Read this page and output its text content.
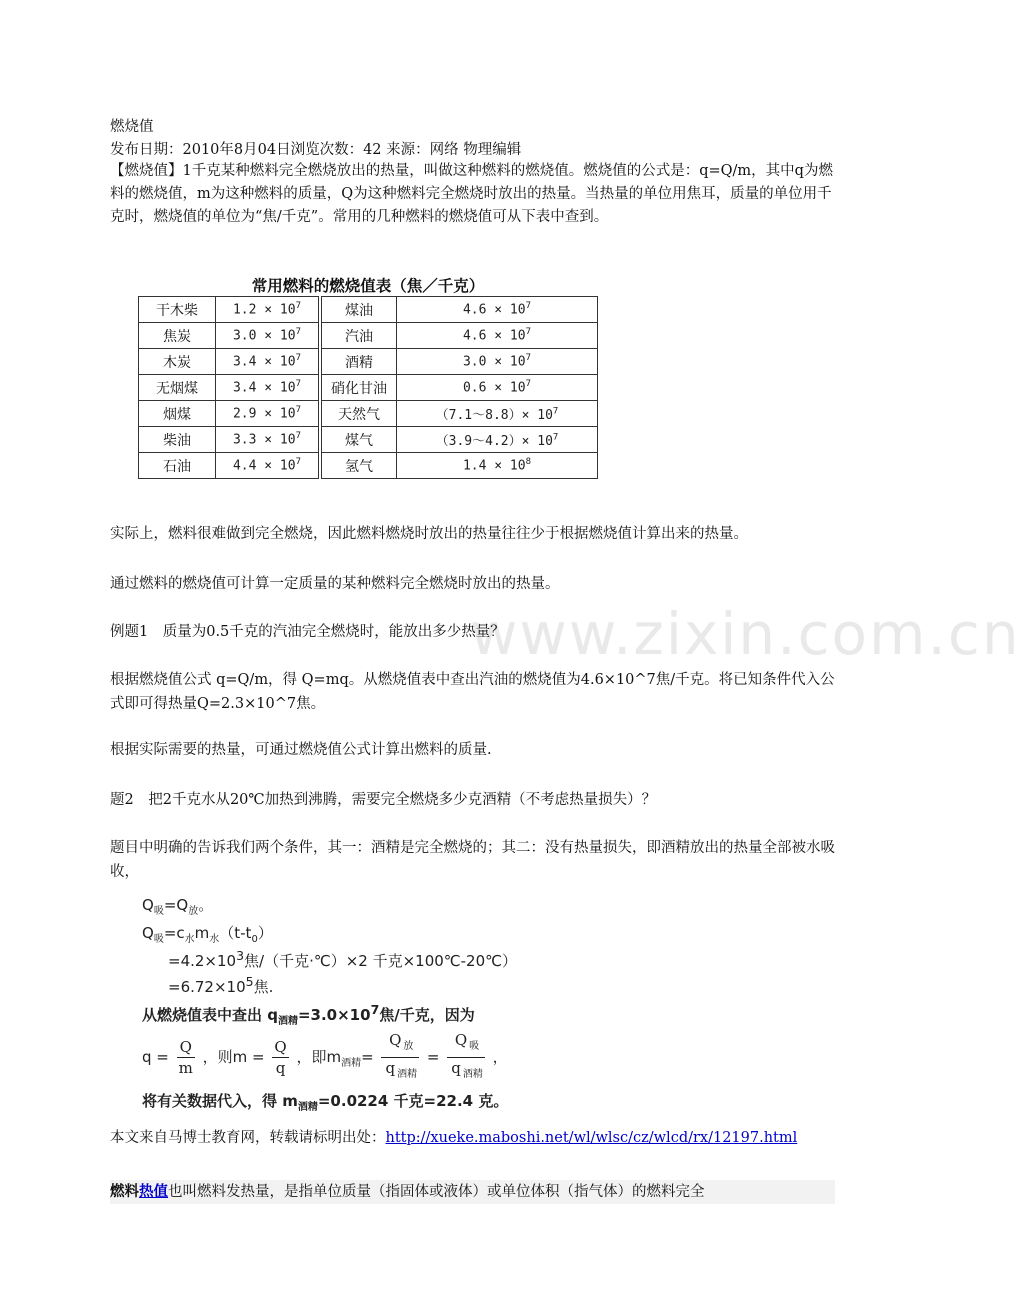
www.zixin.com.cn
燃烧值
发布日期：2010年8月04日浏览次数：42 来源：网络 物理编辑
【燃烧值】1千克某种燃料完全燃烧放出的热量，叫做这种燃料的燃烧值。燃烧值的公式是：q=Q/m，其中q为燃料的燃烧值，m为这种燃料的质量，Q为这种燃料完全燃烧时放出的热量。当热量的单位用焦耳，质量的单位用千克时，燃烧值的单位为“焦/千克”。常用的几种燃料的燃烧值可从下表中查到。
常用燃料的燃烧值表（焦／千克）
干木柴	$1.2 \times 10^7$	煤油	$4.6 \times 10^7$
焦炭	$3.0 \times 10^7$	汽油	$4.6 \times 10^7$
木炭	$3.4 \times 10^7$	酒精	$3.0 \times 10^7$
无烟煤	$3.4 \times 10^7$	硝化甘油	$0.6 \times 10^7$
烟煤	$2.9 \times 10^7$	天然气	（7.1～8.8）× $10^7$
柴油	$3.3 \times 10^7$	煤气	（3.9～4.2）× $10^7$
石油	$4.4 \times 10^7$	氢气	$1.4 \times 10^8$
实际上，燃料很难做到完全燃烧，因此燃料燃烧时放出的热量往往少于根据燃烧值计算出来的热量。
通过燃料的燃烧值可计算一定质量的某种燃料完全燃烧时放出的热量。
例题1　质量为0.5千克的汽油完全燃烧时，能放出多少热量？
根据燃烧值公式 q=Q/m，得 Q=mq。从燃烧值表中查出汽油的燃烧值为4.6×10^7焦/千克。将已知条件代入公式即可得热量Q=2.3×10^7焦。
根据实际需要的热量，可通过燃烧值公式计算出燃料的质量.
题2　把2千克水从20℃加热到沸腾，需要完全燃烧多少克酒精（不考虑热量损失）？
题目中明确的告诉我们两个条件，其一：酒精是完全燃烧的；其二：没有热量损失，即酒精放出的热量全部被水吸收，
$Q_吸=Q_放$。
$Q_吸=c_水m_水(t-t_0)$
$=4.2\times 10^3$焦/（千克·℃）×2 千克×100℃-20℃）
$=6.72\times 10^5$焦.
从燃烧值表中查出 $q_{酒精}=3.0\times 10^7$焦/千克，因为
$q = \frac{Q}{m}$ ，则$m = \frac{Q}{q}$ ，即$m_{酒精}= \frac{Q _放}{q _{酒精}} = \frac{Q _吸}{q _{酒精}}$ ，
将有关数据代入，得 $m_{酒精}=0.0224$ 千克=22.4 克。
本文来自马博士教育网，转载请标明出处：http://xueke.maboshi.net/wl/wlsc/cz/wlcd/rx/12197.html
燃料热值也叫燃料发热量，是指单位质量（指固体或液体）或单位体积（指气体）的燃料完全
